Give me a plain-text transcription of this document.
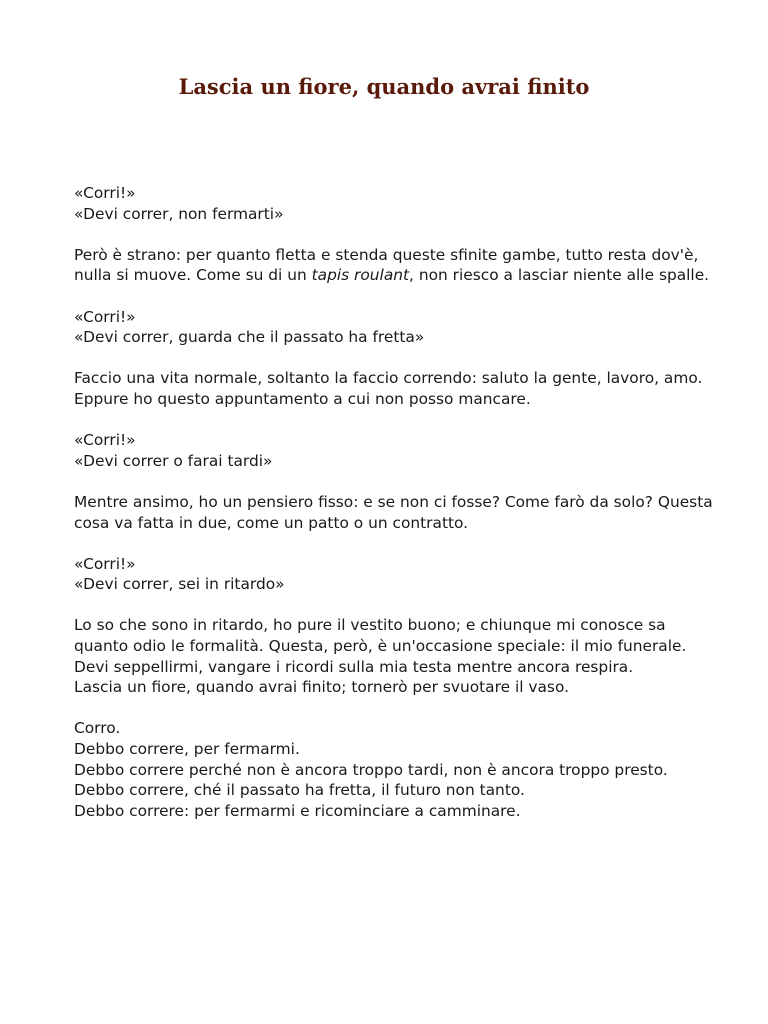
Lascia un fiore, quando avrai finito

«Corri!»
«Devi correr, non fermarti»

Però è strano: per quanto fletta e stenda queste sfinite gambe, tutto resta dov'è, nulla si muove. Come su di un tapis roulant, non riesco a lasciar niente alle spalle.

«Corri!»
«Devi correr, guarda che il passato ha fretta»

Faccio una vita normale, soltanto la faccio correndo: saluto la gente, lavoro, amo. Eppure ho questo appuntamento a cui non posso mancare.

«Corri!»
«Devi correr o farai tardi»

Mentre ansimo, ho un pensiero fisso: e se non ci fosse? Come farò da solo? Questa cosa va fatta in due, come un patto o un contratto.

«Corri!»
«Devi correr, sei in ritardo»

Lo so che sono in ritardo, ho pure il vestito buono; e chiunque mi conosce sa quanto odio le formalità. Questa, però, è un'occasione speciale: il mio funerale. Devi seppellirmi, vangare i ricordi sulla mia testa mentre ancora respira.
Lascia un fiore, quando avrai finito; tornerò per svuotare il vaso.

Corro.
Debbo correre, per fermarmi.
Debbo correre perché non è ancora troppo tardi, non è ancora troppo presto.
Debbo correre, ché il passato ha fretta, il futuro non tanto.
Debbo correre: per fermarmi e ricominciare a camminare.
